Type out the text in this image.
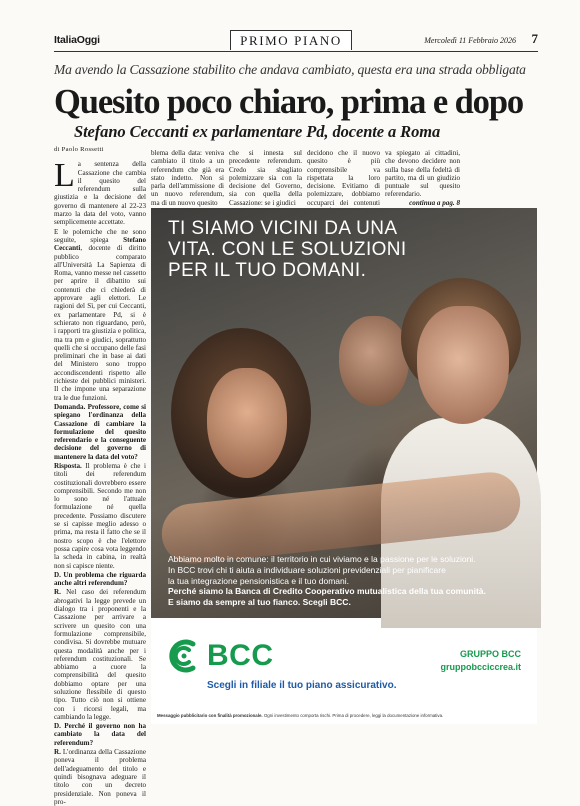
ItaliaOggi	PRIMO PIANO	Mercoledì 11 Febbraio 2026 7
Ma avendo la Cassazione stabilito che andava cambiato, questa era una strada obbligata
Quesito poco chiaro, prima e dopo
Stefano Ceccanti ex parlamentare Pd, docente a Roma
di Paolo Rossetti

La sentenza della Cassazione che cambia il quesito del referendum sulla giustizia e la decisione del governo di mantenere al 22-23 marzo la data del voto, vanno semplicemente accettate.

E le polemiche che ne sono seguite, spiega Stefano Ceccanti, docente di diritto pubblico comparato all'Università La Sapienza di Roma, vanno messe nel cassetto per aprire il dibattito sui contenuti che ci chiederà di approvare agli elettori. Le ragioni del Sì, per cui Ceccanti, ex parlamentare Pd, si è schierato non riguardano, però, i rapporti tra giustizia e politica, ma tra pm e giudici, soprattutto quelli che si occupano delle fasi preliminari che in base ai dati del Ministero sono troppo accondiscendenti rispetto alle richieste dei pubblici ministeri. Il che impone una separazione tra le due funzioni.

Domanda. Professore, come si spiegano l'ordinanza della Cassazione di cambiare la formulazione del quesito referendario e la conseguente decisione del governo di mantenere la data del voto?

Risposta. Il problema è che i titoli dei referendum costituzionali dovrebbero essere comprensibili. Secondo me non lo sono né l'attuale formulazione né quella precedente. Possiamo discutere se si capisse meglio adesso o prima, ma resta il fatto che se il nostro scopo è che l'elettore possa capire cosa vota leggendo la scheda in cabina, in realtà non si capisce niente.

D. Un problema che riguarda anche altri referendum?

R. Nel caso dei referendum abrogativi la legge prevede un dialogo tra i proponenti e la Cassazione per arrivare a scrivere un quesito con una formulazione comprensibile, condivisa. Si dovrebbe mutuare questa modalità anche per i referendum costituzionali. Se abbiamo a cuore la comprensibilità del quesito dobbiamo optare per una soluzione flessibile di questo tipo. Tutto ciò non si ottiene con i ricorsi legali, ma cambiando la legge.

D. Perché il governo non ha cambiato la data del referendum?

R. L'ordinanza della Cassazione poneva il problema dell'adeguamento del titolo e quindi bisognava adeguare il titolo con un decreto presidenziale. Non poneva il pro-

blema della data: veniva cambiato il titolo a un referendum che già era stato indetto. Non si parla dell'ammissione di un nuovo referendum, ma di un nuovo quesito
che si innesta sul precedente referendum. Credo sia sbagliato polemizzare sia con la decisione del Governo, sia con quella della Cassazione: se i giudici
decidono che il nuovo quesito è più comprensibile va rispettata la loro decisione. Evitiamo di polemizzare, dobbiamo occuparci dei contenuti
va spiegato ai cittadini, che devono decidere non sulla base della fedeltà di partito, ma di un giudizio puntuale sul quesito referendario.
continua a pag. 8
TI SIAMO VICINI DA UNA VITA. CON LE SOLUZIONI PER IL TUO DOMANI.
Abbiamo molto in comune: il territorio in cui viviamo e la passione per le soluzioni.
In BCC trovi chi ti aiuta a individuare soluzioni previdenziali per pianificare
la tua integrazione pensionistica e il tuo domani.
Perché siamo la Banca di Credito Cooperativo mutualistica della tua comunità.
E siamo da sempre al tuo fianco. Scegli BCC.
BCC	GRUPPO BCC
gruppobcciccrea.it
Scegli in filiale il tuo piano assicurativo.
Messaggio pubblicitario con finalità promozionale. Ogni investimento comporta rischi. Prima di procedere, leggi la documentazione informativa.
